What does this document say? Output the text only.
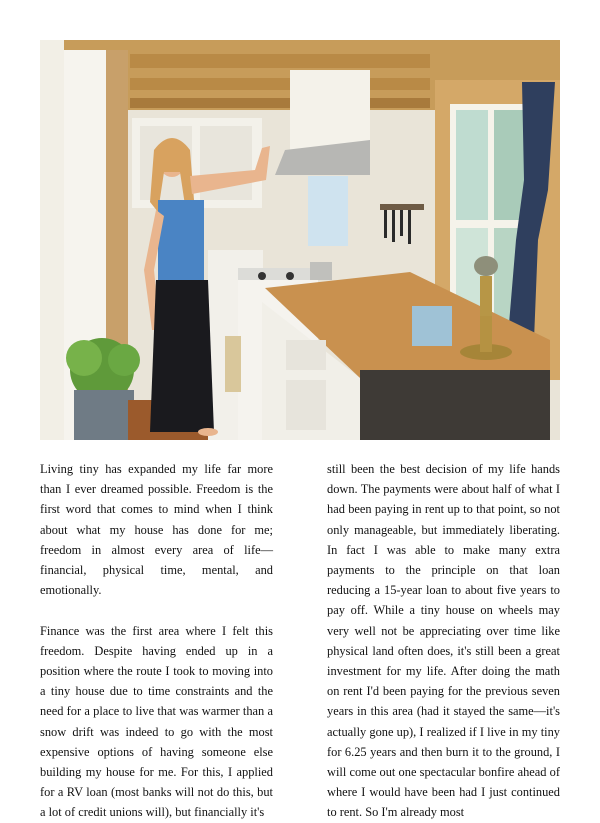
Living tiny has expanded my life far more than I ever dreamed possible. Freedom is the first word that comes to mind when I think about what my house has done for me; freedom in almost every area of life—financial, physical time, mental, and emotionally.

Finance was the first area where I felt this freedom. Despite having ended up in a position where the route I took to moving into a tiny house due to time constraints and the need for a place to live that was warmer than a snow drift was indeed to go with the most expensive options of having someone else building my house for me. For this, I applied for a RV loan (most banks will not do this, but a lot of credit unions will), but financially it's

still been the best decision of my life hands down. The payments were about half of what I had been paying in rent up to that point, so not only manageable, but immediately liberating. In fact I was able to make many extra payments to the principle on that loan reducing a 15-year loan to about five years to pay off. While a tiny house on wheels may very well not be appreciating over time like physical land often does, it's still been a great investment for my life. After doing the math on rent I'd been paying for the previous seven years in this area (had it stayed the same—it's actually gone up), I realized if I live in my tiny for 6.25 years and then burn it to the ground, I will come out one spectacular bonfire ahead of where I would have been had I just continued to rent. So I'm already most
